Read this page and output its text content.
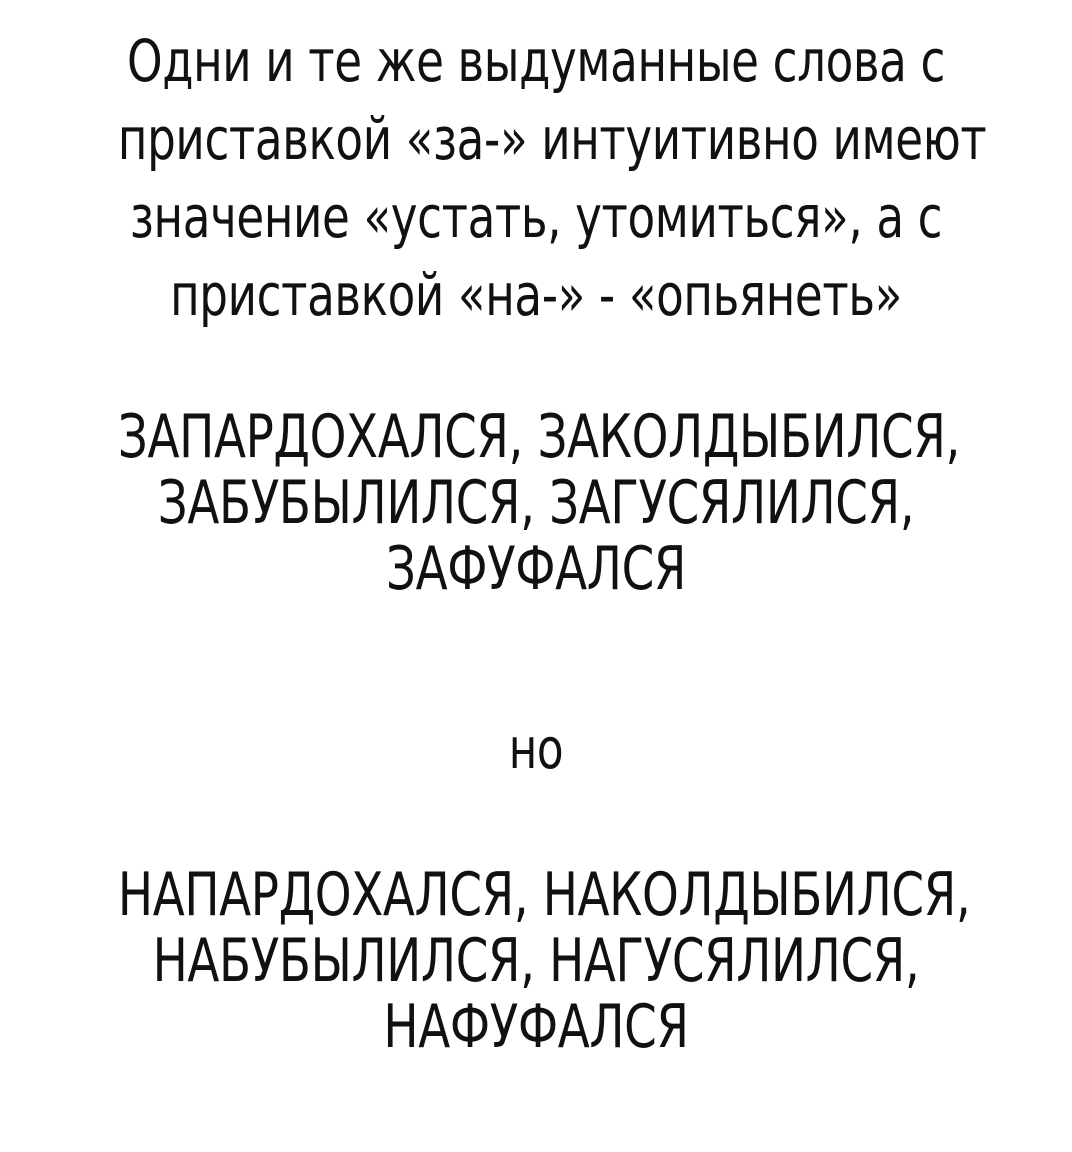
Одни и те же выдуманные слова с
приставкой «за-» интуитивно имеют
значение «устать, утомиться», а с
приставкой «на-» - «опьянеть»
ЗАПАРДОХАЛСЯ, ЗАКОЛДЫБИЛСЯ,
ЗАБУБЫЛИЛСЯ, ЗАГУСЯЛИЛСЯ,
ЗАФУФАЛСЯ
но
НАПАРДОХАЛСЯ, НАКОЛДЫБИЛСЯ,
НАБУБЫЛИЛСЯ, НАГУСЯЛИЛСЯ,
НАФУФАЛСЯ
